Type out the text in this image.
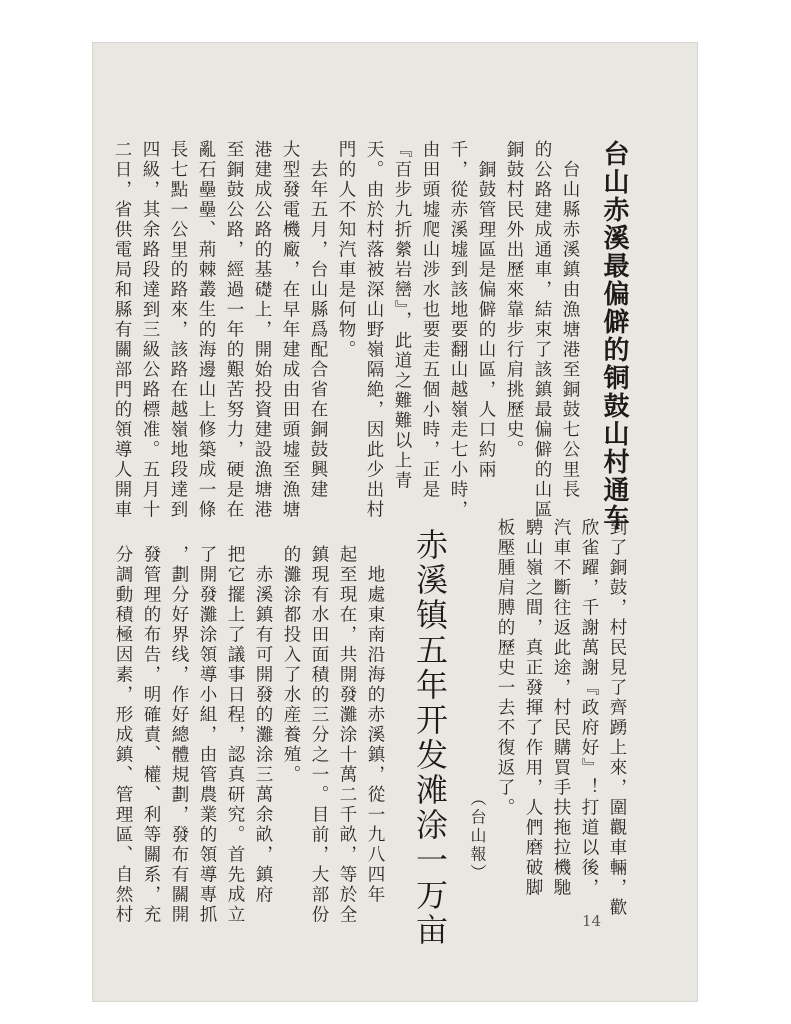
台山赤溪最偏僻的铜鼓山村通车
台山縣赤溪鎮由漁塘港至銅鼓七公里長
的公路建成通車，結束了該鎮最偏僻的山區
銅鼓村民外出歷來靠步行肩挑歷史。
銅鼓管理區是偏僻的山區，人口約兩
千，從赤溪墟到該地要翻山越嶺走七小時，
由田頭墟爬山涉水也要走五個小時，正是
『百步九折縈岩巒』，此道之難難以上青
天。由於村落被深山野嶺隔絶，因此少出村
門的人不知汽車是何物。
去年五月，台山縣爲配合省在銅鼓興建
大型發電機廠，在早年建成由田頭墟至漁塘
港建成公路的基礎上，開始投資建設漁塘港
至銅鼓公路，經過一年的艱苦努力，硬是在
亂石壘壘、荊棘叢生的海邊山上修築成一條
長七點一公里的路來，該路在越嶺地段達到
四級，其余路段達到三級公路標准。五月十
二日，省供電局和縣有關部門的領導人開車
到了銅鼓，村民見了齊踴上來，圍觀車輛，歡
欣雀躍，千謝萬謝『政府好』！打道以後，
汽車不斷往返此途，村民購買手扶拖拉機馳
騁山嶺之間，真正發揮了作用，人們磨破脚
板壓腫肩膊的歷史一去不復返了。
（台山報）
赤溪镇五年开发滩涂一万亩
地處東南沿海的赤溪鎮，從一九八四年
起至現在，共開發灘涂十萬二千畝，等於全
鎮現有水田面積的三分之一。目前，大部份
的灘涂都投入了水産養殖。
赤溪鎮有可開發的灘涂三萬余畝，鎮府
把它擺上了議事日程，認真研究。首先成立
了開發灘涂領導小組，由管農業的領導專抓
，劃分好界线，作好總體規劃，發布有關開
發管理的布告，明確責、權、利等關系，充
分調動積極因素，形成鎮、管理區、自然村	14
